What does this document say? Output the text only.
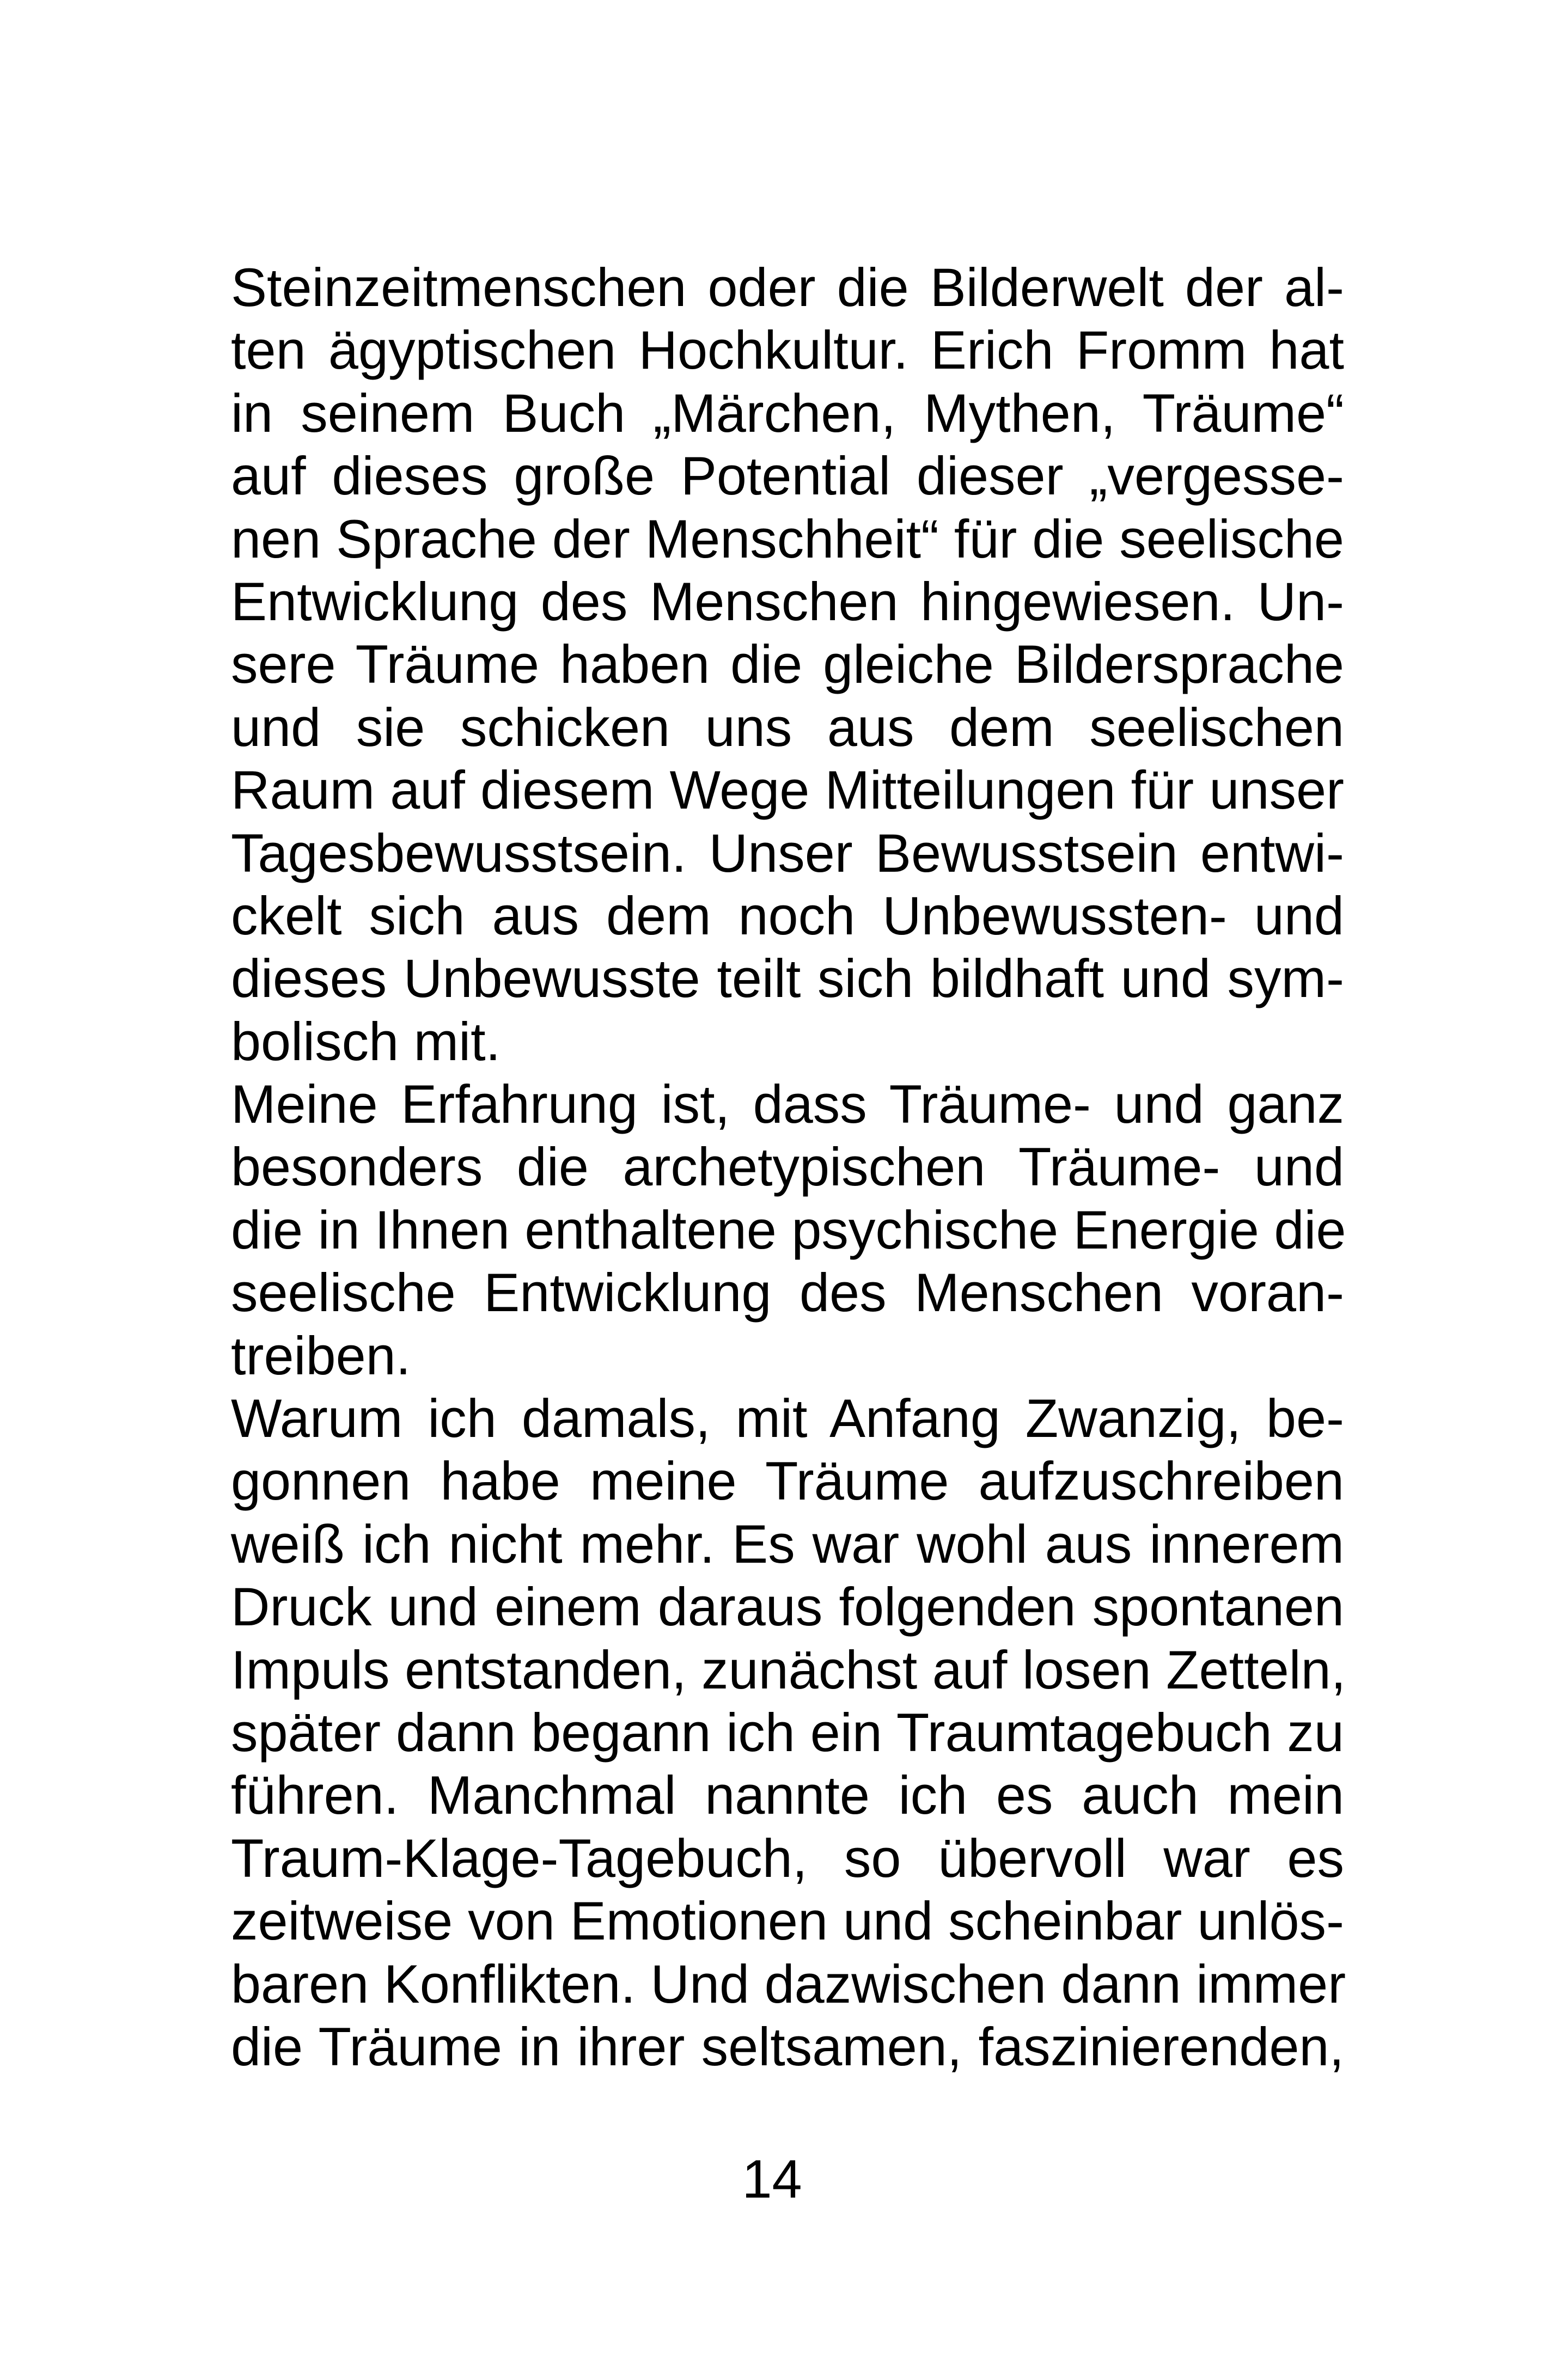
Steinzeitmenschen oder die Bilderwelt der al-
ten ägyptischen Hochkultur. Erich Fromm hat
in seinem Buch „Märchen, Mythen, Träume“
auf dieses große Potential dieser „vergesse-
nen Sprache der Menschheit“ für die seelische
Entwicklung des Menschen hingewiesen. Un-
sere Träume haben die gleiche Bildersprache
und sie schicken uns aus dem seelischen
Raum auf diesem Wege Mitteilungen für unser
Tagesbewusstsein. Unser Bewusstsein entwi-
ckelt sich aus dem noch Unbewussten- und
dieses Unbewusste teilt sich bildhaft und sym-
bolisch mit.
Meine Erfahrung ist, dass Träume- und ganz
besonders die archetypischen Träume- und
die in Ihnen enthaltene psychische Energie die
seelische Entwicklung des Menschen voran-
treiben.
Warum ich damals, mit Anfang Zwanzig, be-
gonnen habe meine Träume aufzuschreiben
weiß ich nicht mehr. Es war wohl aus innerem
Druck und einem daraus folgenden spontanen
Impuls entstanden, zunächst auf losen Zetteln,
später dann begann ich ein Traumtagebuch zu
führen. Manchmal nannte ich es auch mein
Traum-Klage-Tagebuch, so übervoll war es
zeitweise von Emotionen und scheinbar unlös-
baren Konflikten. Und dazwischen dann immer
die Träume in ihrer seltsamen, faszinierenden,
14
